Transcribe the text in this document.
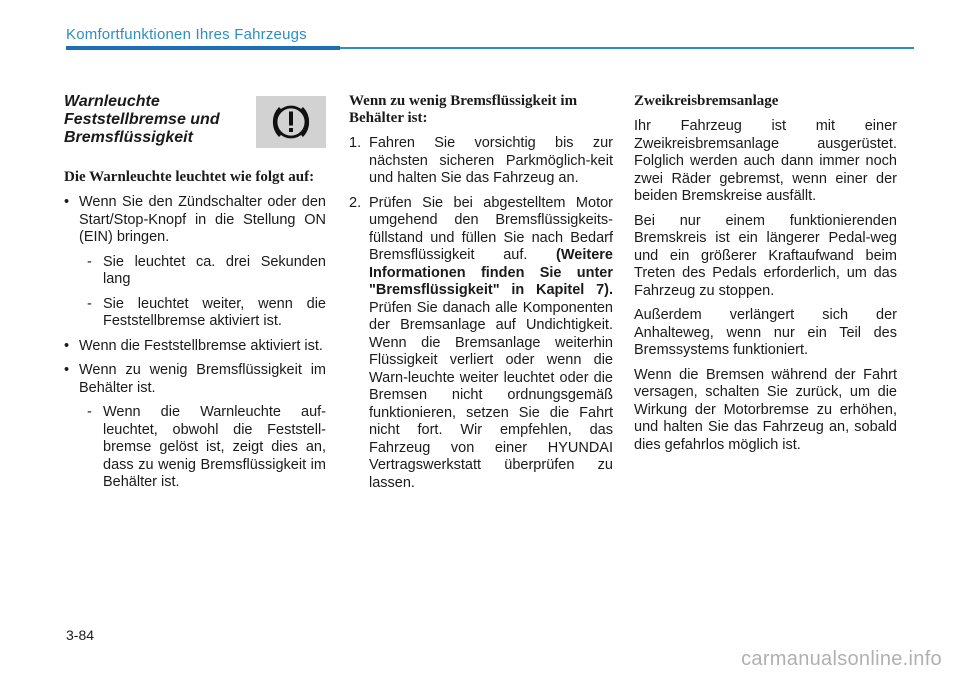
Komfortfunktionen Ihres Fahrzeugs
Warnleuchte Feststellbremse und Bremsflüssigkeit
Die Warnleuchte leuchtet wie folgt auf:
• Wenn Sie den Zündschalter oder den Start/Stop-Knopf in die Stellung ON (EIN) bringen.
- Sie leuchtet ca. drei Sekunden lang
- Sie leuchtet weiter, wenn die Feststellbremse aktiviert ist.
• Wenn die Feststellbremse aktiviert ist.
• Wenn zu wenig Bremsflüssigkeit im Behälter ist.
- Wenn die Warnleuchte auf-leuchtet, obwohl die Feststell-bremse gelöst ist, zeigt dies an, dass zu wenig Bremsflüssigkeit im Behälter ist.
Wenn zu wenig Bremsflüssigkeit im Behälter ist:
1. Fahren Sie vorsichtig bis zur nächsten sicheren Parkmöglich-keit und halten Sie das Fahrzeug an.
2. Prüfen Sie bei abgestelltem Motor umgehend den Bremsflüssigkeits-füllstand und füllen Sie nach Bedarf Bremsflüssigkeit auf. (Weitere Informationen finden Sie unter "Bremsflüssigkeit" in Kapitel 7). Prüfen Sie danach alle Komponenten der Bremsanlage auf Undichtigkeit. Wenn die Bremsanlage weiterhin Flüssigkeit verliert oder wenn die Warn-leuchte weiter leuchtet oder die Bremsen nicht ordnungsgemäß funktionieren, setzen Sie die Fahrt nicht fort. Wir empfehlen, das Fahrzeug von einer HYUNDAI Vertragswerkstatt überprüfen zu lassen.
Zweikreisbremsanlage

Ihr Fahrzeug ist mit einer Zweikreisbremsanlage ausgerüstet. Folglich werden auch dann immer noch zwei Räder gebremst, wenn einer der beiden Bremskreise ausfällt.

Bei nur einem funktionierenden Bremskreis ist ein längerer Pedal-weg und ein größerer Kraftaufwand beim Treten des Pedals erforderlich, um das Fahrzeug zu stoppen.

Außerdem verlängert sich der Anhalteweg, wenn nur ein Teil des Bremssystems funktioniert.

Wenn die Bremsen während der Fahrt versagen, schalten Sie zurück, um die Wirkung der Motorbremse zu erhöhen, und halten Sie das Fahrzeug an, sobald dies gefahrlos möglich ist.

3-84
carmanualsonline.info
